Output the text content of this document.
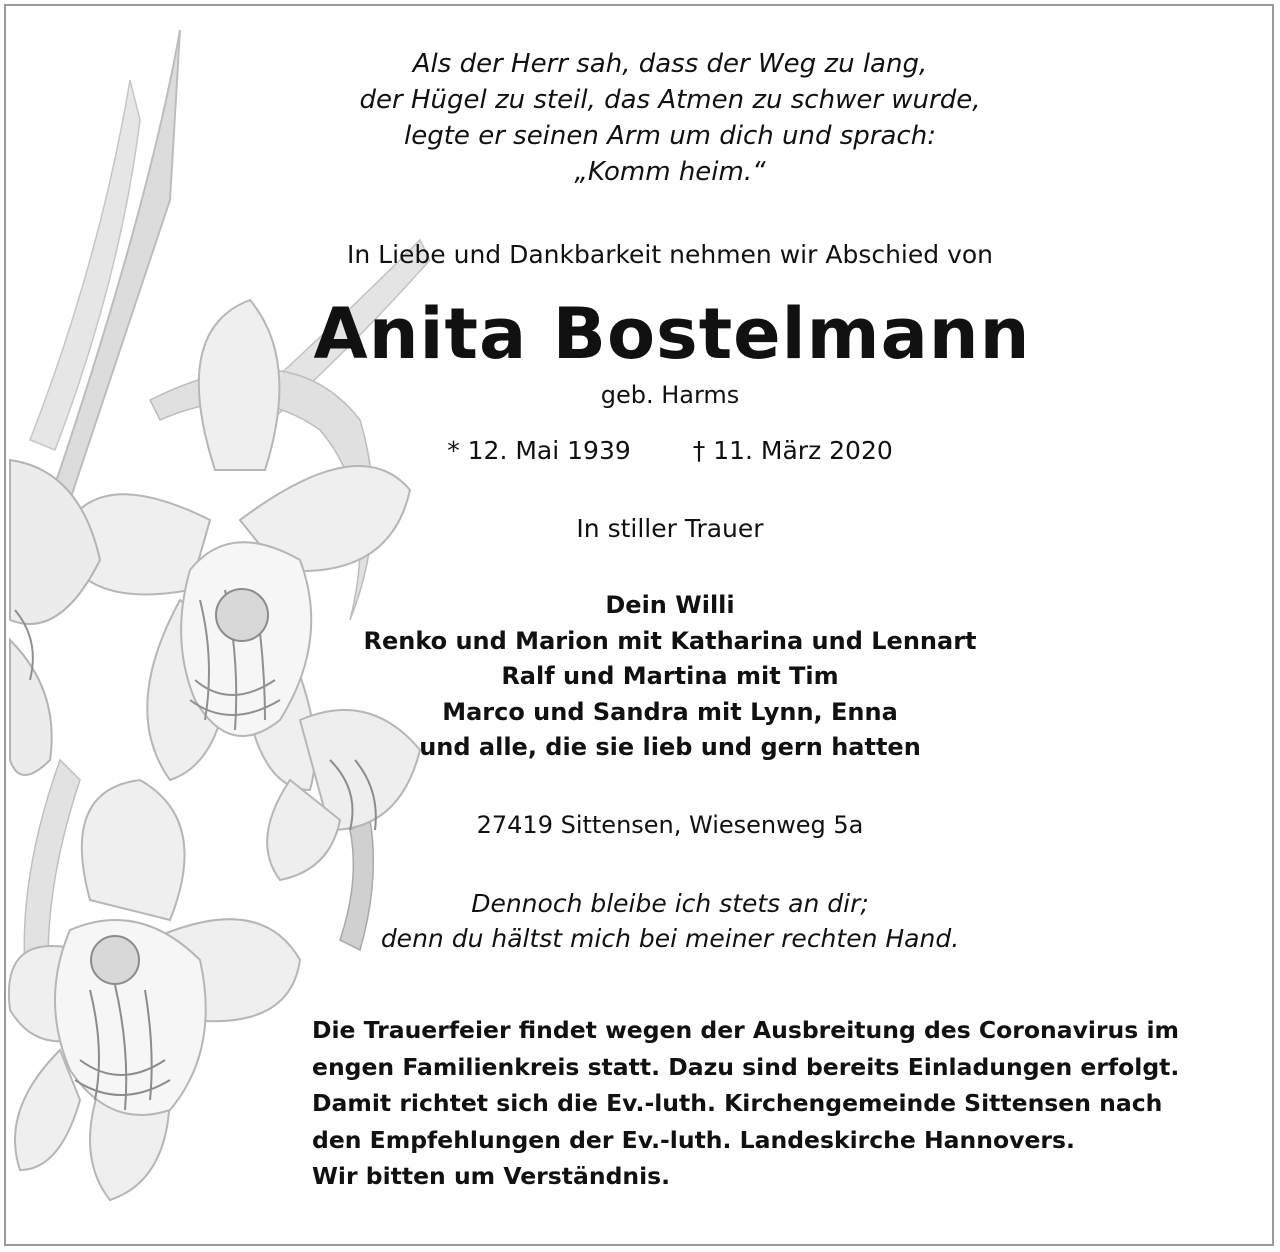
Als der Herr sah, dass der Weg zu lang,
der Hügel zu steil, das Atmen zu schwer wurde,
legte er seinen Arm um dich und sprach:
„Komm heim.“
In Liebe und Dankbarkeit nehmen wir Abschied von
Anita Bostelmann
geb. Harms
* 12. Mai 1939 † 11. März 2020
In stiller Trauer
Dein Willi
Renko und Marion mit Katharina und Lennart
Ralf und Martina mit Tim
Marco und Sandra mit Lynn, Enna
und alle, die sie lieb und gern hatten
27419 Sittensen, Wiesenweg 5a
Dennoch bleibe ich stets an dir;
denn du hältst mich bei meiner rechten Hand.
Die Trauerfeier findet wegen der Ausbreitung des Coronavirus im
engen Familienkreis statt. Dazu sind bereits Einladungen erfolgt.
Damit richtet sich die Ev.-luth. Kirchengemeinde Sittensen nach
den Empfehlungen der Ev.-luth. Landeskirche Hannovers.
Wir bitten um Verständnis.
